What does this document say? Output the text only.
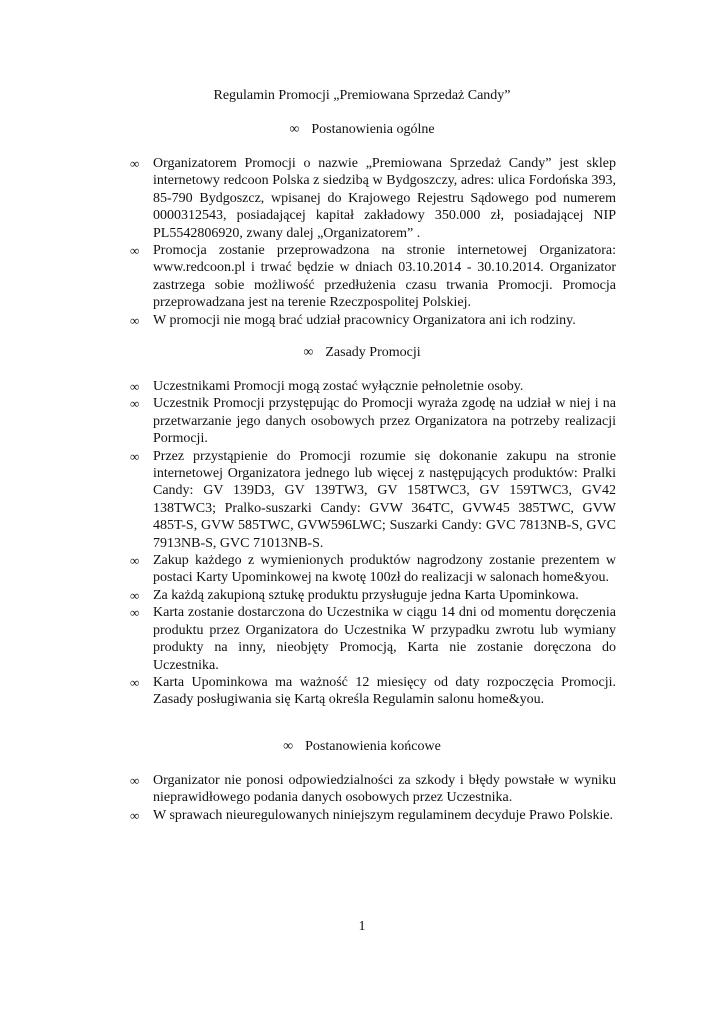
Regulamin Promocji „Premiowana Sprzedaż Candy”
∞ Postanowienia ogólne
∞ Organizatorem Promocji o nazwie „Premiowana Sprzedaż Candy” jest sklep internetowy redcoon Polska z siedzibą w Bydgoszczy, adres: ulica Fordońska 393, 85-790 Bydgoszcz, wpisanej do Krajowego Rejestru Sądowego pod numerem 0000312543, posiadającej kapitał zakładowy 350.000 zł, posiadającej NIP PL5542806920, zwany dalej „Organizatorem” .
∞ Promocja zostanie przeprowadzona na stronie internetowej Organizatora: www.redcoon.pl i trwać będzie w dniach 03.10.2014 - 30.10.2014. Organizator zastrzega sobie możliwość przedłużenia czasu trwania Promocji. Promocja przeprowadzana jest na terenie Rzeczpospolitej Polskiej.
∞ W promocji nie mogą brać udział pracownicy Organizatora ani ich rodziny.
∞ Zasady Promocji
∞ Uczestnikami Promocji mogą zostać wyłącznie pełnoletnie osoby.
∞ Uczestnik Promocji przystępując do Promocji wyraża zgodę na udział w niej i na przetwarzanie jego danych osobowych przez Organizatora na potrzeby realizacji Pormocji.
∞ Przez przystąpienie do Promocji rozumie się dokonanie zakupu na stronie internetowej Organizatora jednego lub więcej z następujących produktów: Pralki Candy: GV 139D3, GV 139TW3, GV 158TWC3, GV 159TWC3, GV42 138TWC3; Pralko-suszarki Candy: GVW 364TC, GVW45 385TWC, GVW 485T-S, GVW 585TWC, GVW596LWC; Suszarki Candy: GVC 7813NB-S, GVC 7913NB-S, GVC 71013NB-S.
∞ Zakup każdego z wymienionych produktów nagrodzony zostanie prezentem w postaci Karty Upominkowej na kwotę 100zł do realizacji w salonach home&you.
∞ Za każdą zakupioną sztukę produktu przysługuje jedna Karta Upominkowa.
∞ Karta zostanie dostarczona do Uczestnika w ciągu 14 dni od momentu doręczenia produktu przez Organizatora do Uczestnika W przypadku zwrotu lub wymiany produkty na inny, nieobjęty Promocją, Karta nie zostanie doręczona do Uczestnika.
∞ Karta Upominkowa ma ważność 12 miesięcy od daty rozpoczęcia Promocji. Zasady posługiwania się Kartą określa Regulamin salonu home&you.
∞ Postanowienia końcowe
∞ Organizator nie ponosi odpowiedzialności za szkody i błędy powstałe w wyniku nieprawidłowego podania danych osobowych przez Uczestnika.
∞ W sprawach nieuregulowanych niniejszym regulaminem decyduje Prawo Polskie.
1
